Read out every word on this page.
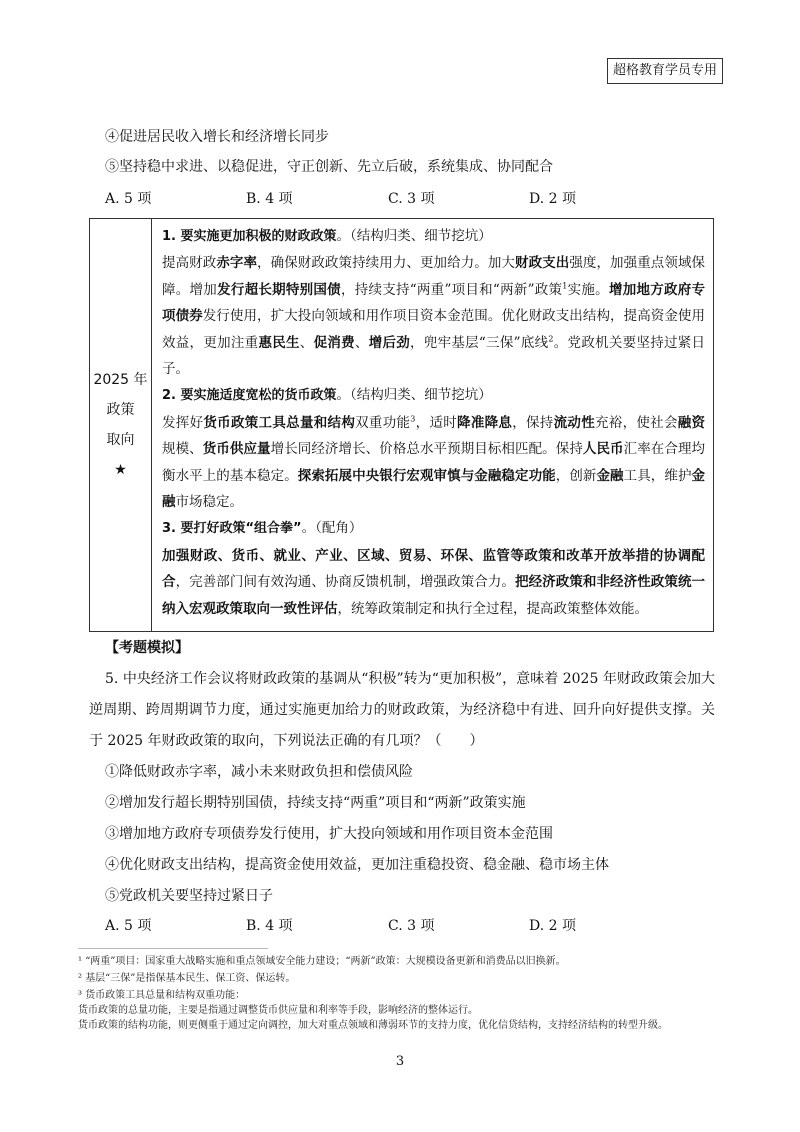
超格教育学员专用
④促进居民收入增长和经济增长同步
⑤坚持稳中求进、以稳促进，守正创新、先立后破，系统集成、协同配合
A. 5 项	B. 4 项	C. 3 项	D. 2 项
2025 年
政策
取向
★

1. 要实施更加积极的财政政策。（结构归类、细节挖坑）
提高财政赤字率，确保财政政策持续用力、更加给力。加大财政支出强度，加强重点领域保障。增加发行超长期特别国债，持续支持“两重”项目和“两新”政策$^1$实施。增加地方政府专项债券发行使用，扩大投向领域和用作项目资本金范围。优化财政支出结构，提高资金使用效益，更加注重惠民生、促消费、增后劲，兜牢基层“三保”底线$^2$。党政机关要坚持过紧日子。
2. 要实施适度宽松的货币政策。（结构归类、细节挖坑）
发挥好货币政策工具总量和结构双重功能$^3$，适时降准降息，保持流动性充裕，使社会融资规模、货币供应量增长同经济增长、价格总水平预期目标相匹配。保持人民币汇率在合理均衡水平上的基本稳定。探索拓展中央银行宏观审慎与金融稳定功能，创新金融工具，维护金融市场稳定。
3. 要打好政策“组合拳”。（配角）
加强财政、货币、就业、产业、区域、贸易、环保、监管等政策和改革开放举措的协调配合，完善部门间有效沟通、协商反馈机制，增强政策合力。把经济政策和非经济性政策统一纳入宏观政策取向一致性评估，统筹政策制定和执行全过程，提高政策整体效能。
【考题模拟】
5. 中央经济工作会议将财政政策的基调从“积极”转为“更加积极”，意味着 2025 年财政政策会加大逆周期、跨周期调节力度，通过实施更加给力的财政政策，为经济稳中有进、回升向好提供支撑。关于 2025 年财政政策的取向，下列说法正确的有几项？（　　）
①降低财政赤字率，减小未来财政负担和偿债风险
②增加发行超长期特别国债，持续支持“两重”项目和“两新”政策实施
③增加地方政府专项债券发行使用，扩大投向领域和用作项目资本金范围
④优化财政支出结构，提高资金使用效益，更加注重稳投资、稳金融、稳市场主体
⑤党政机关要坚持过紧日子
A. 5 项	B. 4 项	C. 3 项	D. 2 项
¹ “两重”项目：国家重大战略实施和重点领域安全能力建设；“两新”政策：大规模设备更新和消费品以旧换新。
² 基层“三保”是指保基本民生、保工资、保运转。
³ 货币政策工具总量和结构双重功能：
货币政策的总量功能，主要是指通过调整货币供应量和利率等手段，影响经济的整体运行。
货币政策的结构功能，则更侧重于通过定向调控，加大对重点领域和薄弱环节的支持力度，优化信贷结构，支持经济结构的转型升级。
3
